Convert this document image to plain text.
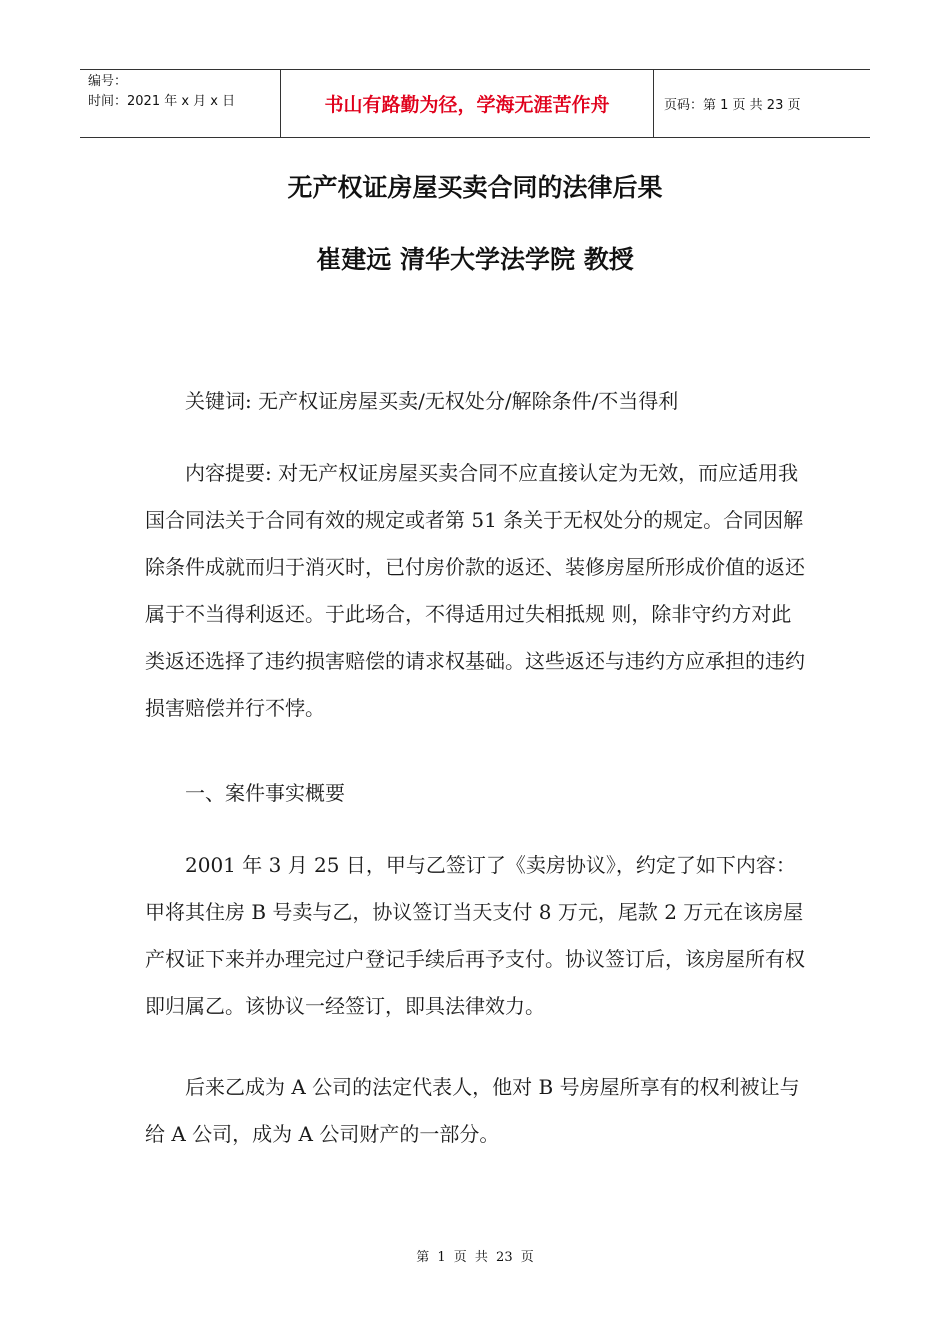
编号：
时间：2021 年 x 月 x 日	书山有路勤为径，学海无涯苦作舟	页码：第 1 页 共 23 页
无产权证房屋买卖合同的法律后果
崔建远 清华大学法学院 教授

关键词: 无产权证房屋买卖/无权处分/解除条件/不当得利

内容提要: 对无产权证房屋买卖合同不应直接认定为无效，而应适用我国合同法关于合同有效的规定或者第 51 条关于无权处分的规定。合同因解除条件成就而归于消灭时，已付房价款的返还、装修房屋所形成价值的返还属于不当得利返还。于此场合，不得适用过失相抵规 则，除非守约方对此类返还选择了违约损害赔偿的请求权基础。这些返还与违约方应承担的违约损害赔偿并行不悖。

一、案件事实概要

2001 年 3 月 25 日，甲与乙签订了《卖房协议》，约定了如下内容：甲将其住房 B 号卖与乙，协议签订当天支付 8 万元，尾款 2 万元在该房屋产权证下来并办理完过户登记手续后再予支付。协议签订后，该房屋所有权即归属乙。该协议一经签订，即具法律效力。

后来乙成为 A 公司的法定代表人，他对 B 号房屋所享有的权利被让与给 A 公司，成为 A 公司财产的一部分。

第 1 页 共 23 页
